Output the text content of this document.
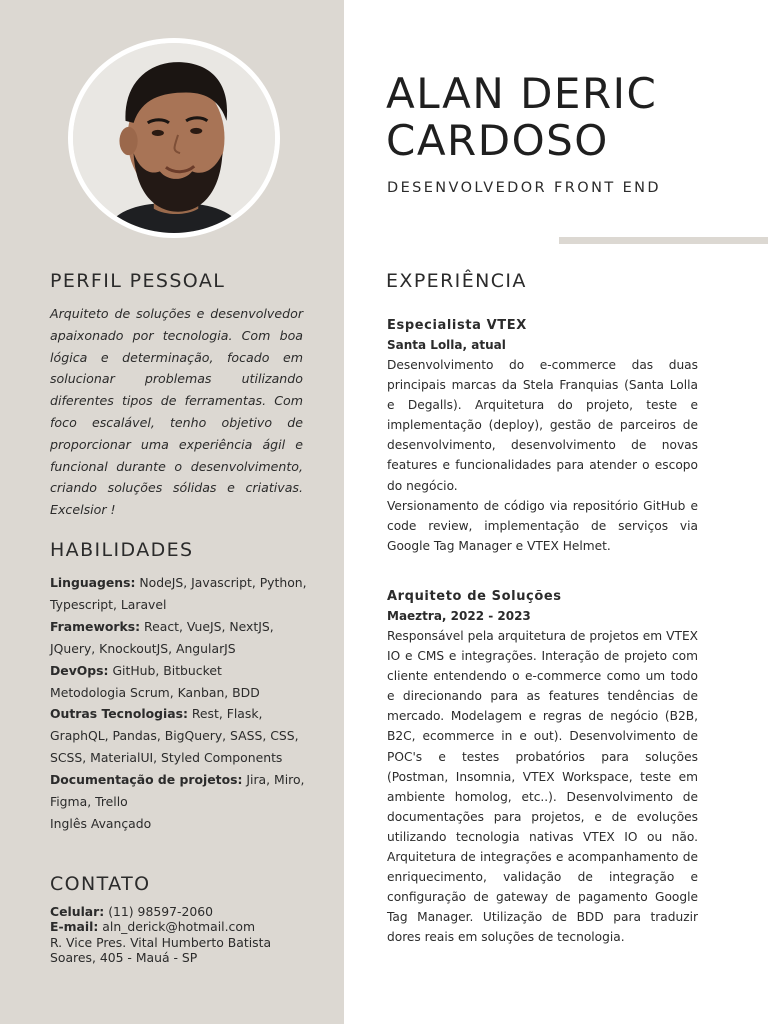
ALAN DERIC
CARDOSO
DESENVOLVEDOR FRONT END
PERFIL PESSOAL
Arquiteto de soluções e desenvolvedor apaixonado por tecnologia. Com boa lógica e determinação, focado em solucionar problemas utilizando diferentes tipos de ferramentas. Com foco escalável, tenho objetivo de proporcionar uma experiência ágil e funcional durante o desenvolvimento, criando soluções sólidas e criativas. Excelsior !
HABILIDADES
Linguagens: NodeJS, Javascript, Python, Typescript, Laravel
Frameworks: React, VueJS, NextJS, JQuery, KnockoutJS, AngularJS
DevOps: GitHub, Bitbucket
Metodologia Scrum, Kanban, BDD
Outras Tecnologias: Rest, Flask, GraphQL, Pandas, BigQuery, SASS, CSS, SCSS, MaterialUI, Styled Components
Documentação de projetos: Jira, Miro, Figma, Trello
Inglês Avançado
CONTATO
Celular: (11) 98597-2060
E-mail: aln_derick@hotmail.com
R. Vice Pres. Vital Humberto Batista Soares, 405 - Mauá - SP
EXPERIÊNCIA
Especialista VTEX
Santa Lolla, atual
Desenvolvimento do e-commerce das duas principais marcas da Stela Franquias (Santa Lolla e Degalls). Arquitetura do projeto, teste e implementação (deploy), gestão de parceiros de desenvolvimento, desenvolvimento de novas features e funcionalidades para atender o escopo do negócio.
Versionamento de código via repositório GitHub e code review, implementação de serviços via Google Tag Manager e VTEX Helmet.
Arquiteto de Soluções
Maeztra, 2022 - 2023
Responsável pela arquitetura de projetos em VTEX IO e CMS e integrações. Interação de projeto com cliente entendendo o e-commerce como um todo e direcionando para as features tendências de mercado. Modelagem e regras de negócio (B2B, B2C, ecommerce in e out). Desenvolvimento de POC's e testes probatórios para soluções (Postman, Insomnia, VTEX Workspace, teste em ambiente homolog, etc..). Desenvolvimento de documentações para projetos, e de evoluções utilizando tecnologia nativas VTEX IO ou não. Arquitetura de integrações e acompanhamento de enriquecimento, validação de integração e configuração de gateway de pagamento Google Tag Manager. Utilização de BDD para traduzir dores reais em soluções de tecnologia.
